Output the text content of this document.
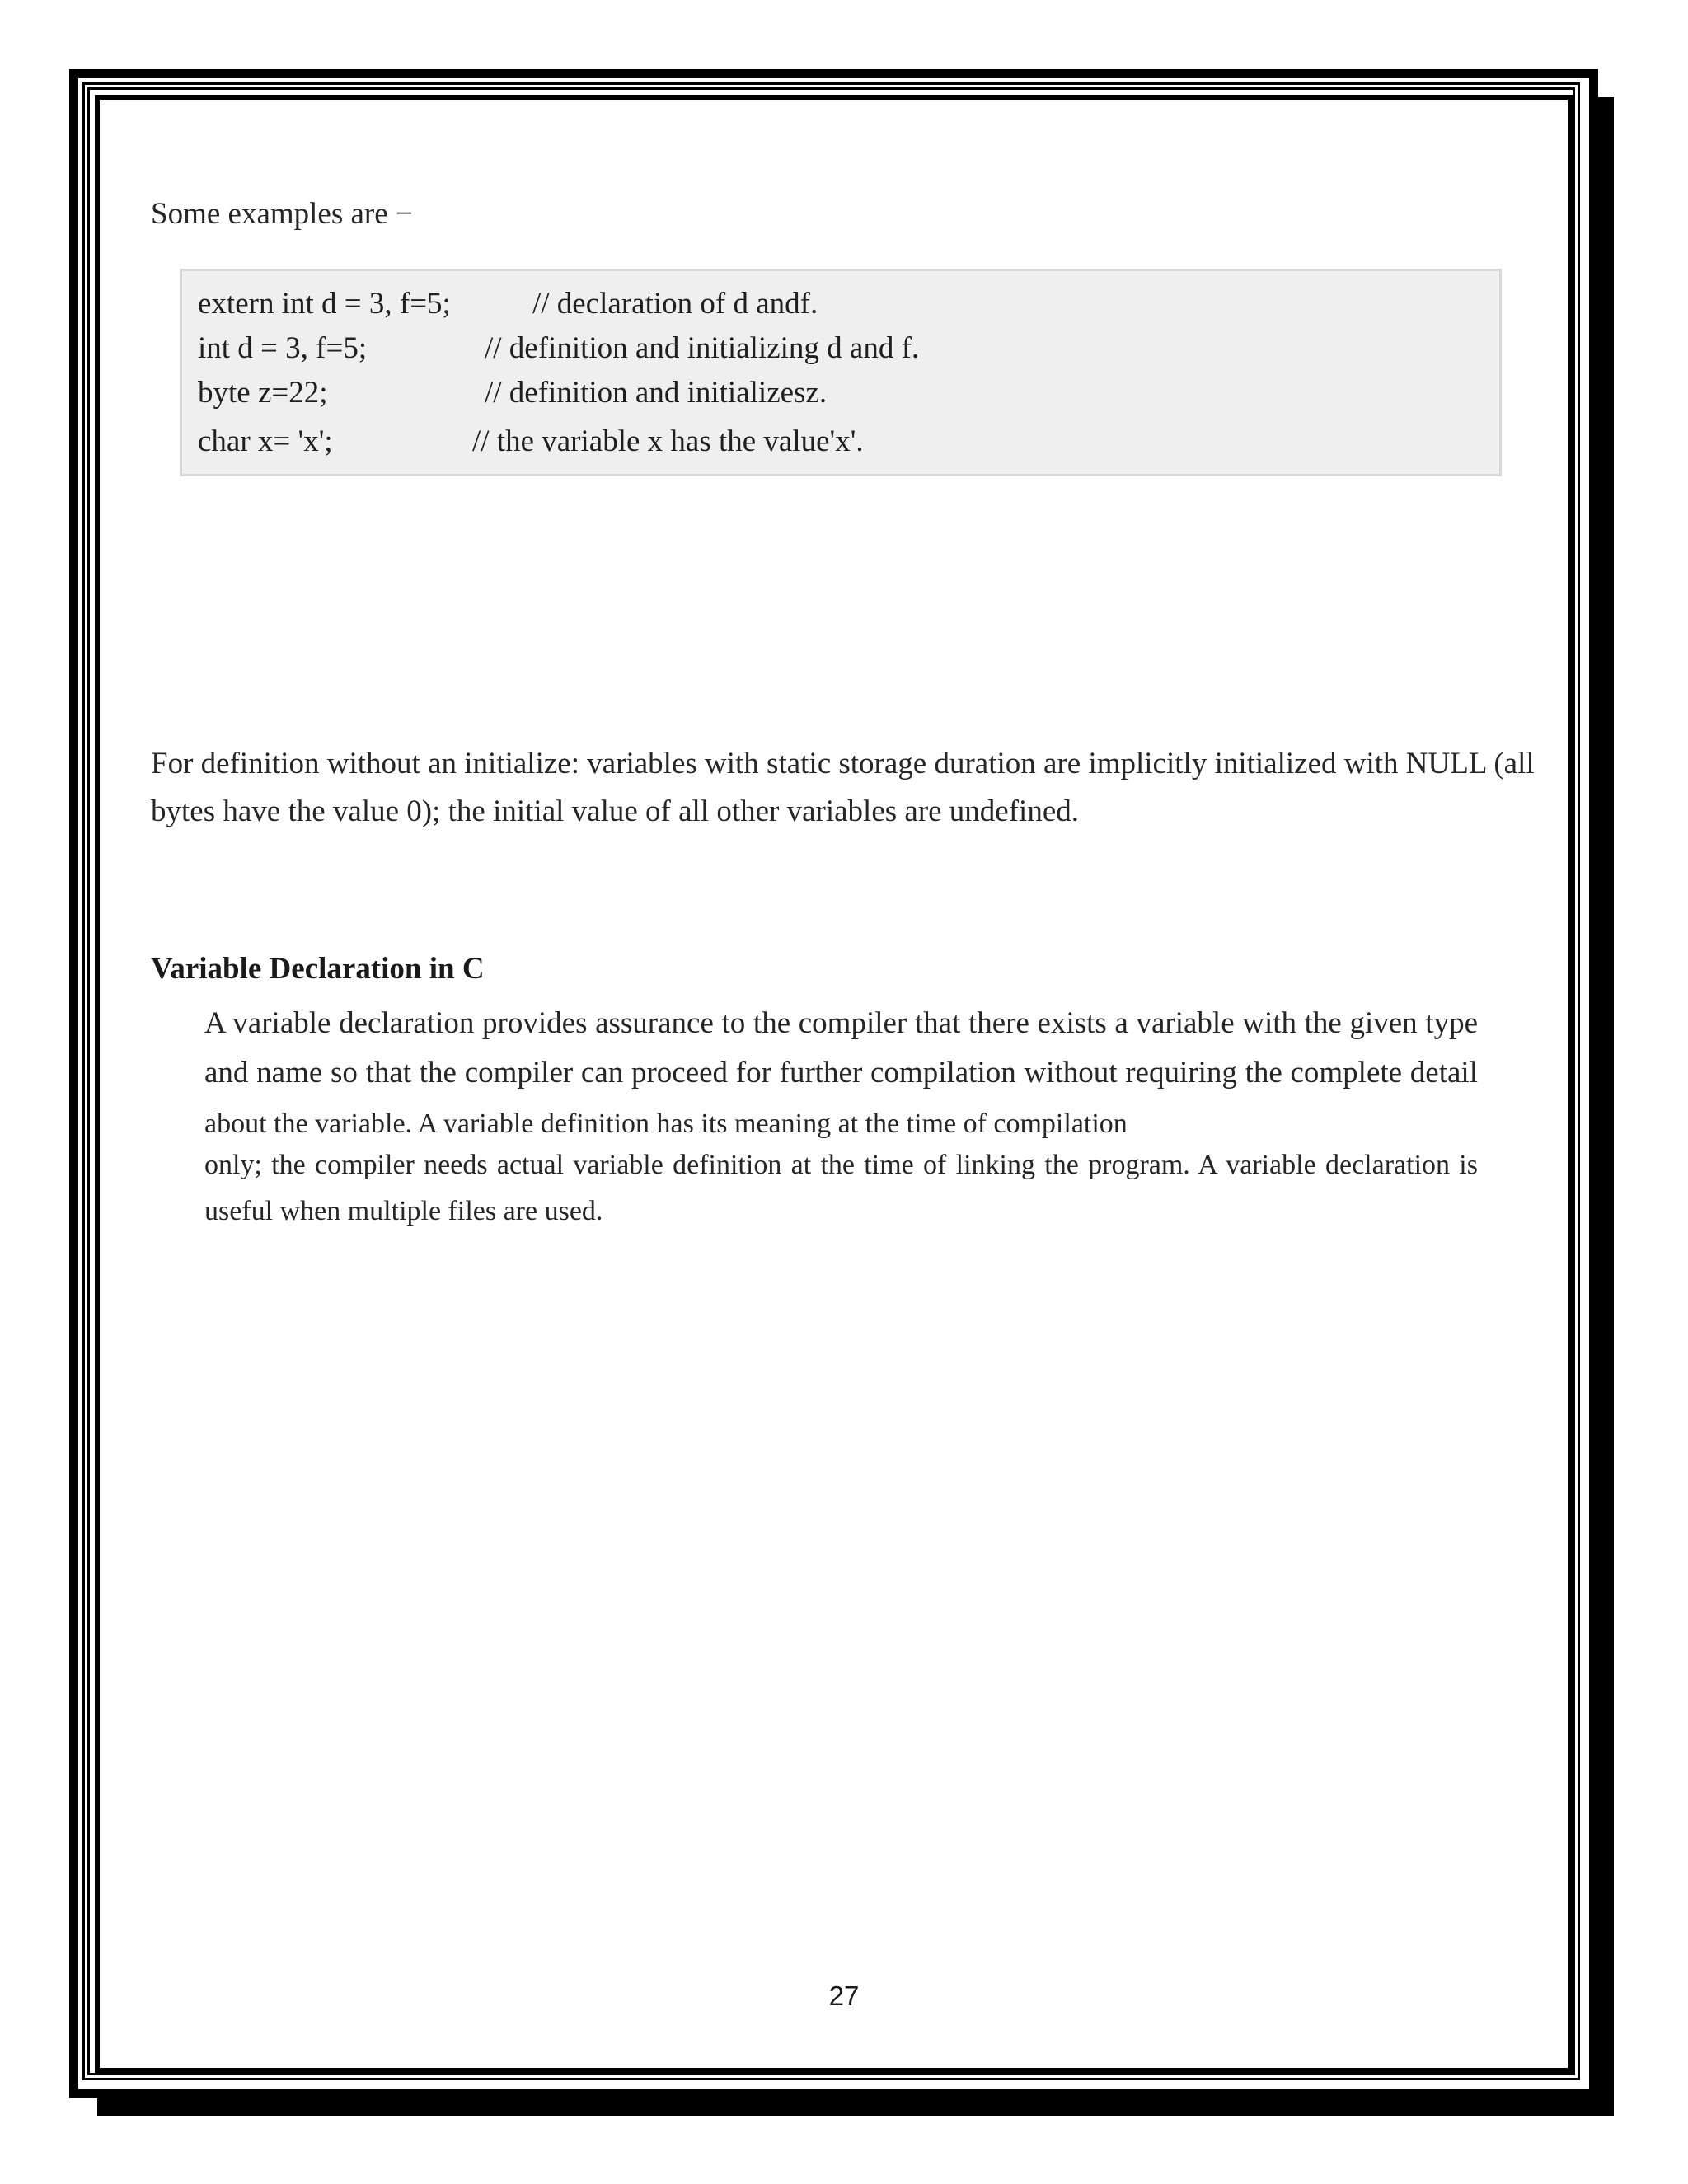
Some examples are −
extern int d = 3, f=5;	// declaration of d andf.
int d = 3, f=5;	// definition and initializing d and f.
byte z=22;	// definition and initializesz.
char x= 'x';	// the variable x has the value'x'.
For definition without an initialize: variables with static storage duration are implicitly initialized with NULL (all bytes have the value 0); the initial value of all other variables are undefined.
Variable Declaration in C
A variable declaration provides assurance to the compiler that there exists a variable with the given type and name so that the compiler can proceed for further compilation without requiring the complete detail about the variable. A variable definition has its meaning at the time of compilation
only; the compiler needs actual variable definition at the time of linking the program. A variable declaration is useful when multiple files are used.
27
